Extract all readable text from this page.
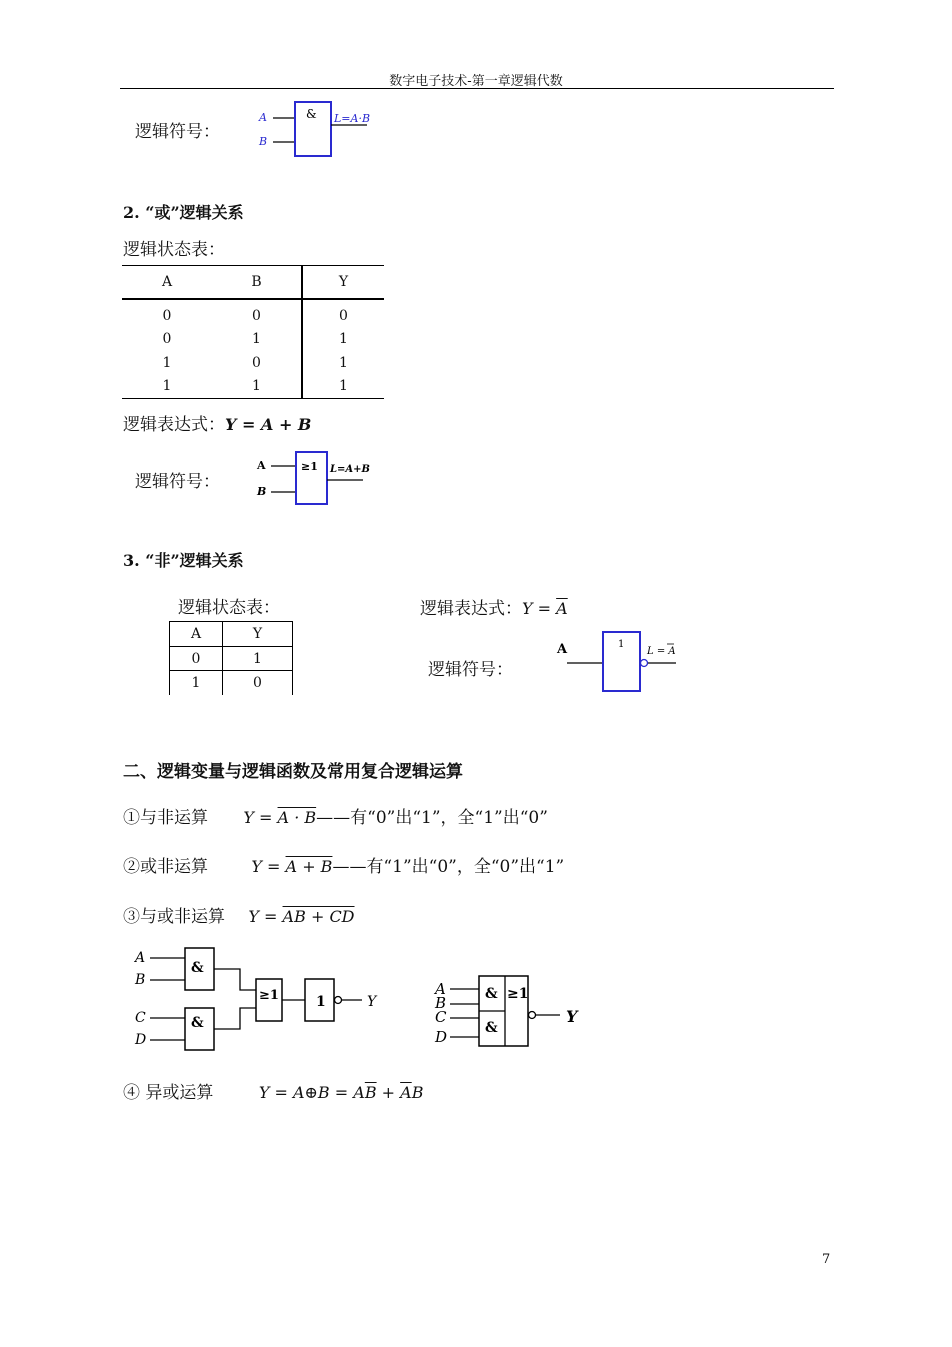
数字电子技术-第一章逻辑代数
逻辑符号：
A
B
& L=A·B
2. “或”逻辑关系
逻辑状态表：
A	B	Y
0	0	0
0	1	1
1	0	1
1	1	1
逻辑表达式：Y = A + B
逻辑符号：
A
B
≥1 L=A+B
3. “非”逻辑关系
逻辑状态表：
A	Y
0	1
1	0
逻辑表达式：$Y = \overline{A}$
逻辑符号：
A	1
L = A
二、逻辑变量与逻辑函数及常用复合逻辑运算
①与非运算 Y = A · B——有“0”出“1”，全“1”出“0”
②或非运算	Y = A + B——有“1”出“0”，全“0”出“1”
③与或非运算 Y = AB + CD
A
B
C
D
&
&
≥1	1	Y
A
B
C
D
&
&
≥1
Y
④ 异或运算	Y = A⊕B = $A\overline{B} + \overline{A}B$
7
